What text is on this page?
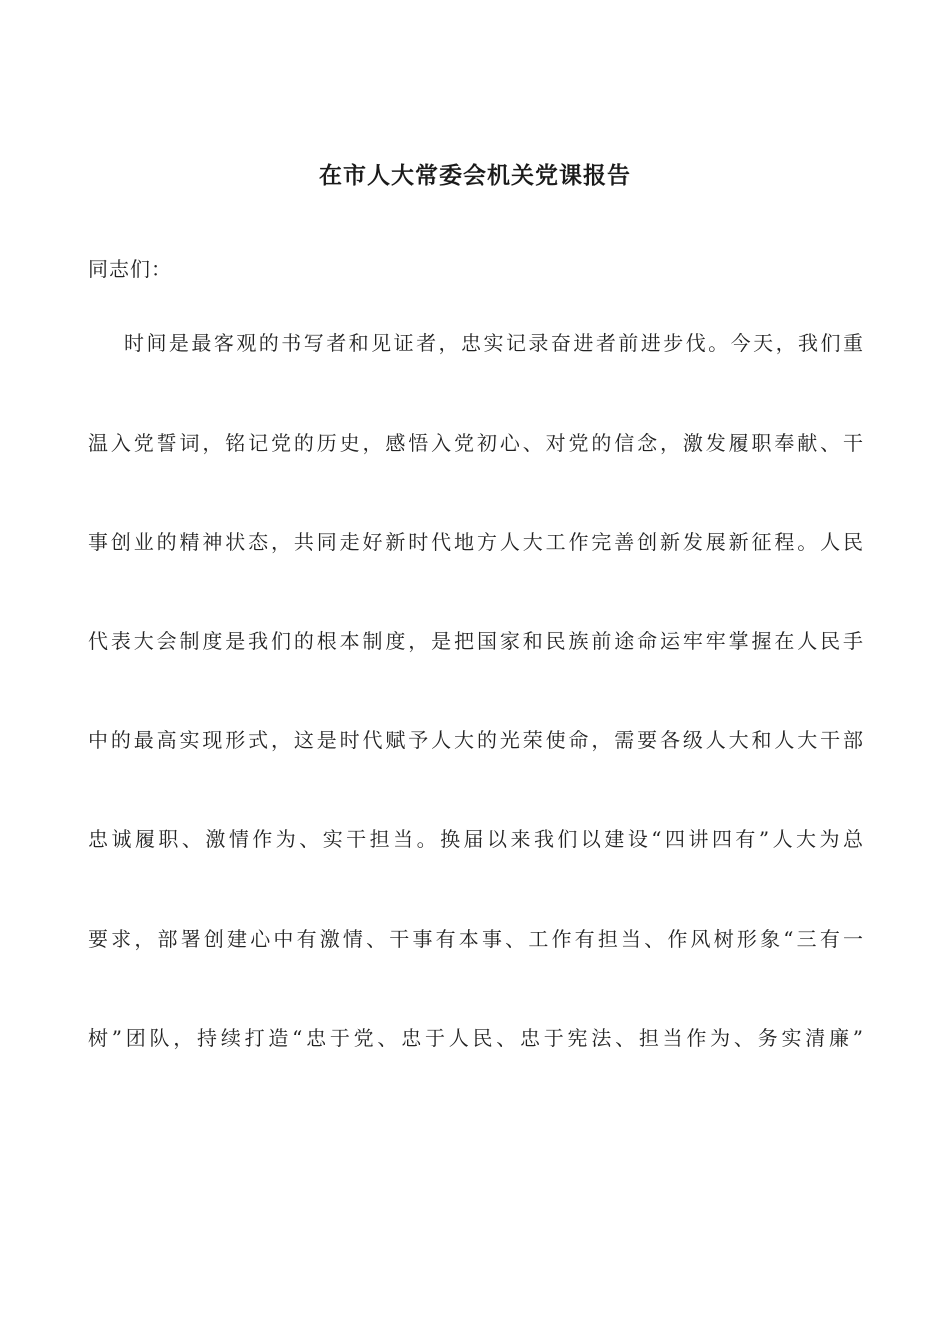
在市人大常委会机关党课报告
同志们：
时间是最客观的书写者和见证者，忠实记录奋进者前进步伐。今天，我们重
温入党誓词，铭记党的历史，感悟入党初心、对党的信念，激发履职奉献、干
事创业的精神状态，共同走好新时代地方人大工作完善创新发展新征程。人民
代表大会制度是我们的根本制度，是把国家和民族前途命运牢牢掌握在人民手
中的最高实现形式，这是时代赋予人大的光荣使命，需要各级人大和人大干部
忠诚履职、激情作为、实干担当。换届以来我们以建设“四讲四有”人大为总
要求，部署创建心中有激情、干事有本事、工作有担当、作风树形象“三有一
树”团队，持续打造“忠于党、忠于人民、忠于宪法、担当作为、务实清廉”
